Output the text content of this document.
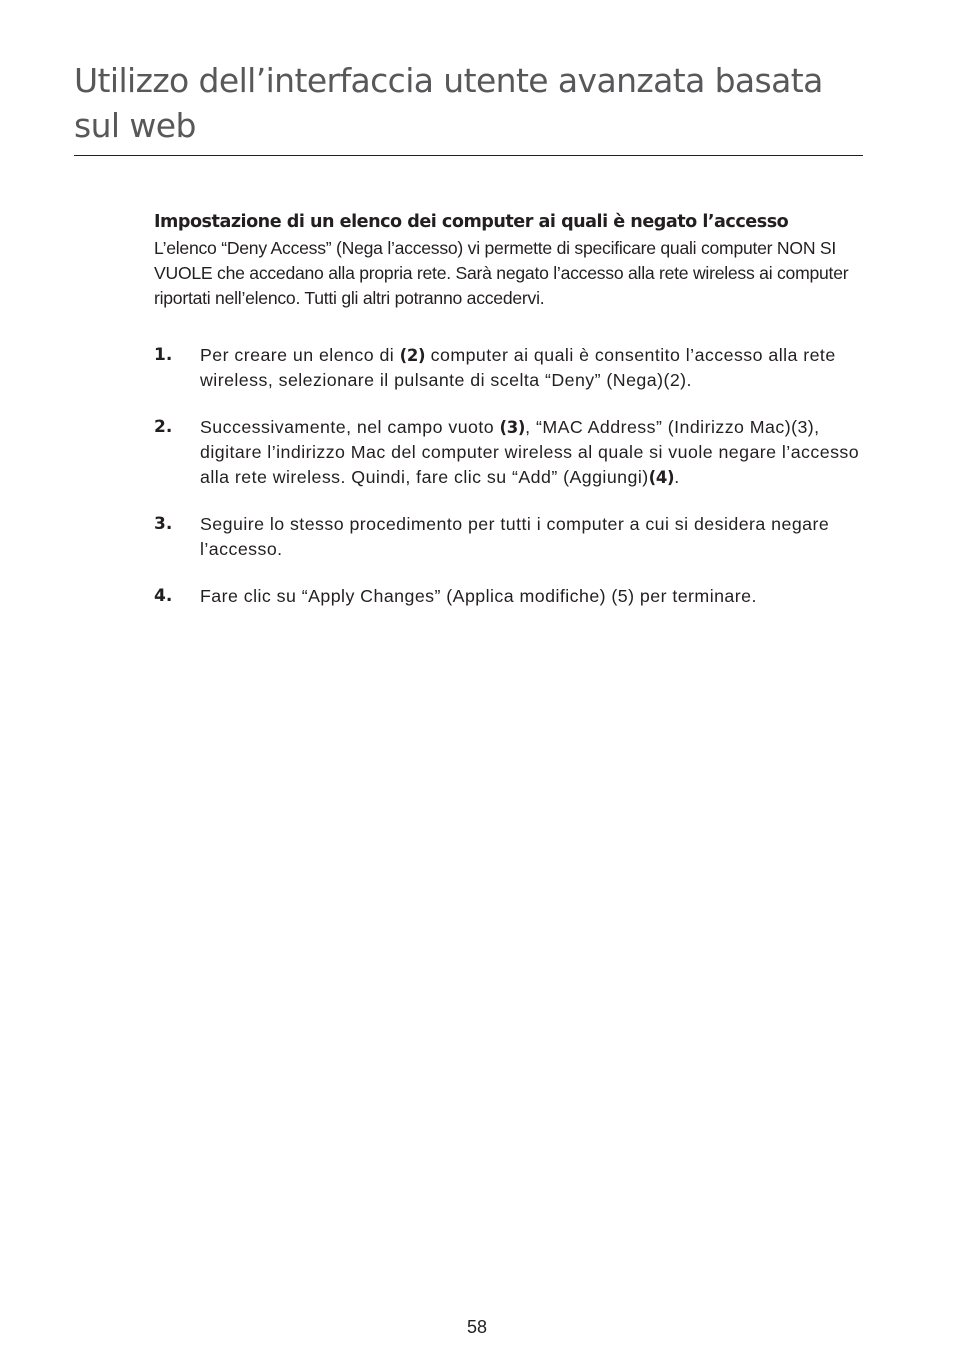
Utilizzo dell’interfaccia utente avanzata basata sul web
Impostazione di un elenco dei computer ai quali è negato l’accesso

L’elenco “Deny Access” (Nega l’accesso) vi permette di specificare quali computer NON SI VUOLE che accedano alla propria rete. Sarà negato l’accesso alla rete wireless ai computer riportati nell’elenco. Tutti gli altri potranno accedervi.

1. Per creare un elenco di (2) computer ai quali è consentito l’accesso alla rete wireless, selezionare il pulsante di scelta “Deny” (Nega)(2).
2. Successivamente, nel campo vuoto (3), “MAC Address” (Indirizzo Mac)(3), digitare l’indirizzo Mac del computer wireless al quale si vuole negare l’accesso alla rete wireless. Quindi, fare clic su “Add” (Aggiungi)(4).
3. Seguire lo stesso procedimento per tutti i computer a cui si desidera negare l’accesso.
4. Fare clic su “Apply Changes” (Applica modifiche) (5) per terminare.
58
